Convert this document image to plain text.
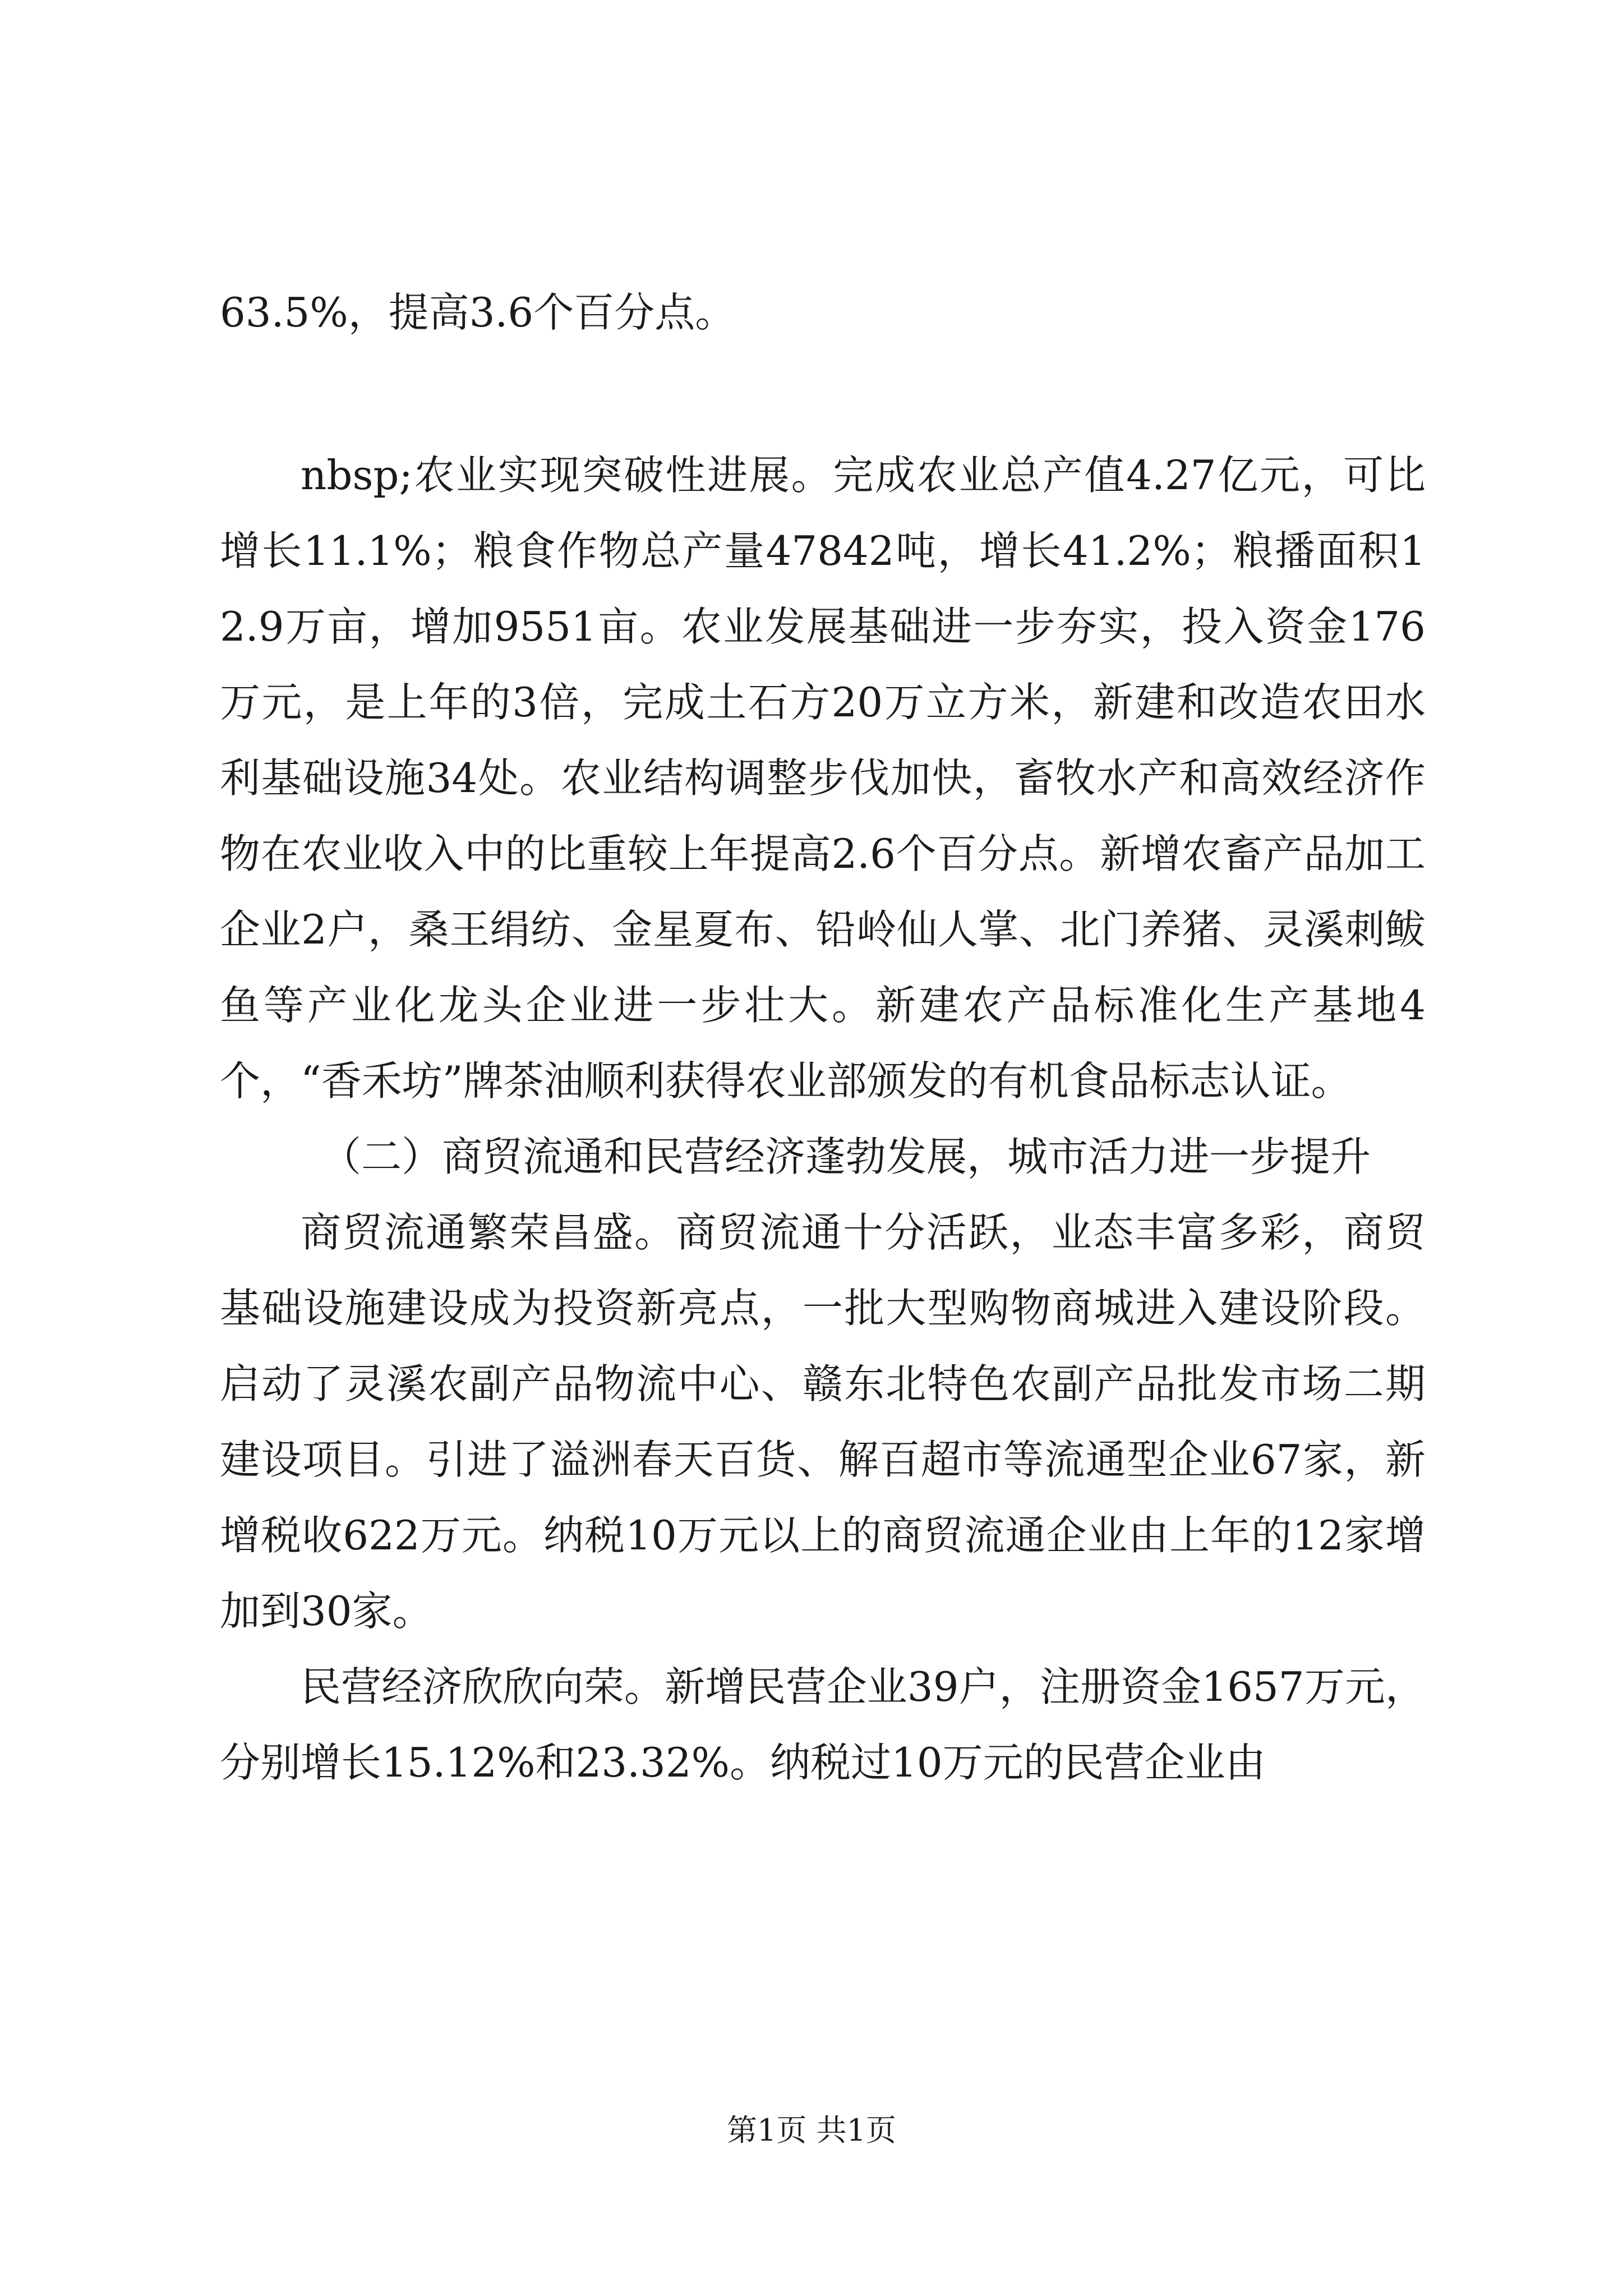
63.5%，提高3.6个百分点。

nbsp;农业实现突破性进展。完成农业总产值4.27亿元，可比增长11.1%；粮食作物总产量47842吨，增长41.2%；粮播面积12.9万亩，增加9551亩。农业发展基础进一步夯实，投入资金176万元，是上年的3倍，完成土石方20万立方米，新建和改造农田水利基础设施34处。农业结构调整步伐加快，畜牧水产和高效经济作物在农业收入中的比重较上年提高2.6个百分点。新增农畜产品加工企业2户，桑王绢纺、金星夏布、铅岭仙人掌、北门养猪、灵溪刺鲅鱼等产业化龙头企业进一步壮大。新建农产品标准化生产基地4个，“香禾坊”牌茶油顺利获得农业部颁发的有机食品标志认证。

（二）商贸流通和民营经济蓬勃发展，城市活力进一步提升

商贸流通繁荣昌盛。商贸流通十分活跃，业态丰富多彩，商贸基础设施建设成为投资新亮点，一批大型购物商城进入建设阶段。启动了灵溪农副产品物流中心、赣东北特色农副产品批发市场二期建设项目。引进了溢洲春天百货、解百超市等流通型企业67家，新增税收622万元。纳税10万元以上的商贸流通企业由上年的12家增加到30家。

民营经济欣欣向荣。新增民营企业39户，注册资金1657万元，分别增长15.12%和23.32%。纳税过10万元的民营企业由

第1页 共1页
